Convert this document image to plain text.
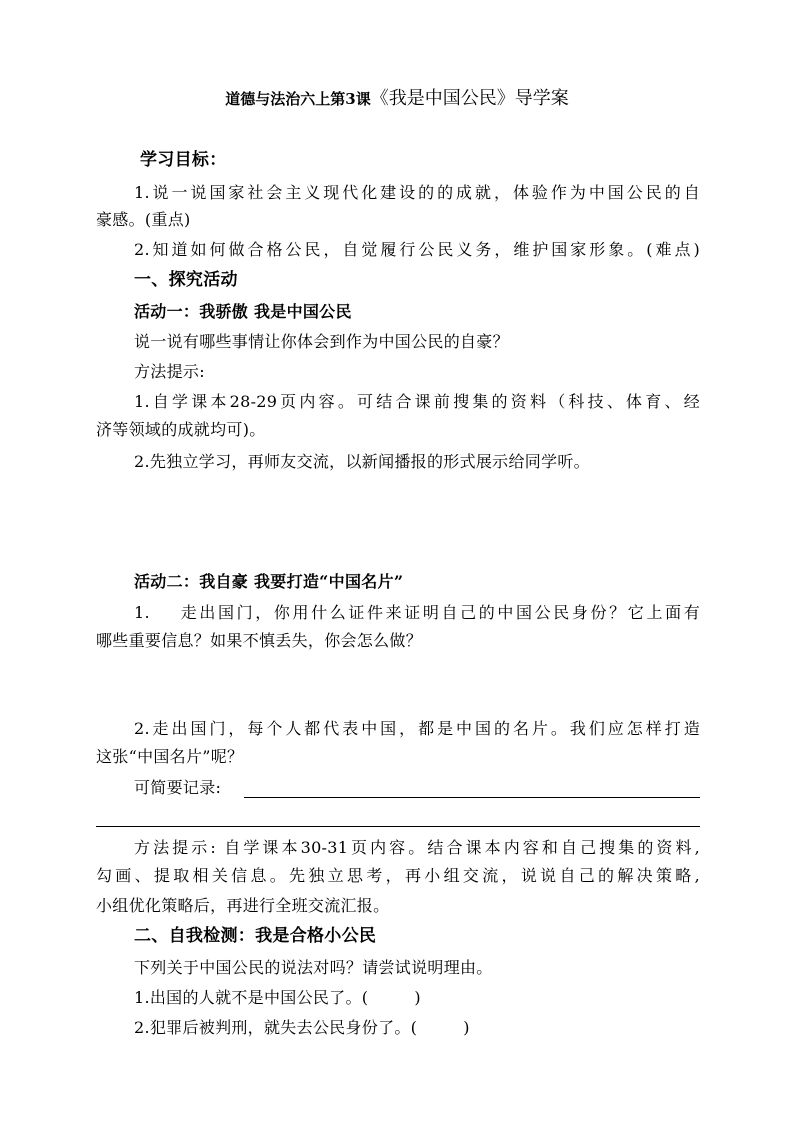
道德与法治六上第3课《我是中国公民》导学案
学习目标：
1.说一说国家社会主义现代化建设的的成就，体验作为中国公民的自
豪感。(重点)
2.知道如何做合格公民，自觉履行公民义务，维护国家形象。(难点)
一、探究活动
活动一：我骄傲 我是中国公民
说一说有哪些事情让你体会到作为中国公民的自豪？
方法提示:
1.自学课本28-29页内容。可结合课前搜集的资料（科技、体育、经
济等领域的成就均可)。
2.先独立学习，再师友交流，以新闻播报的形式展示给同学听。
活动二：我自豪 我要打造“中国名片”
1.    走出国门，你用什么证件来证明自己的中国公民身份？它上面有
哪些重要信息？如果不慎丢失，你会怎么做？
2.走出国门，每个人都代表中国，都是中国的名片。我们应怎样打造
这张“中国名片”呢？
可简要记录:
方法提示: 自学课本30-31页内容。结合课本内容和自己搜集的资料,
勾画、提取相关信息。先独立思考，再小组交流，说说自己的解决策略,
小组优化策略后，再进行全班交流汇报。
二、自我检测：我是合格小公民
下列关于中国公民的说法对吗？请尝试说明理由。
1.出国的人就不是中国公民了。(	)
2.犯罪后被判刑，就失去公民身份了。(	)
